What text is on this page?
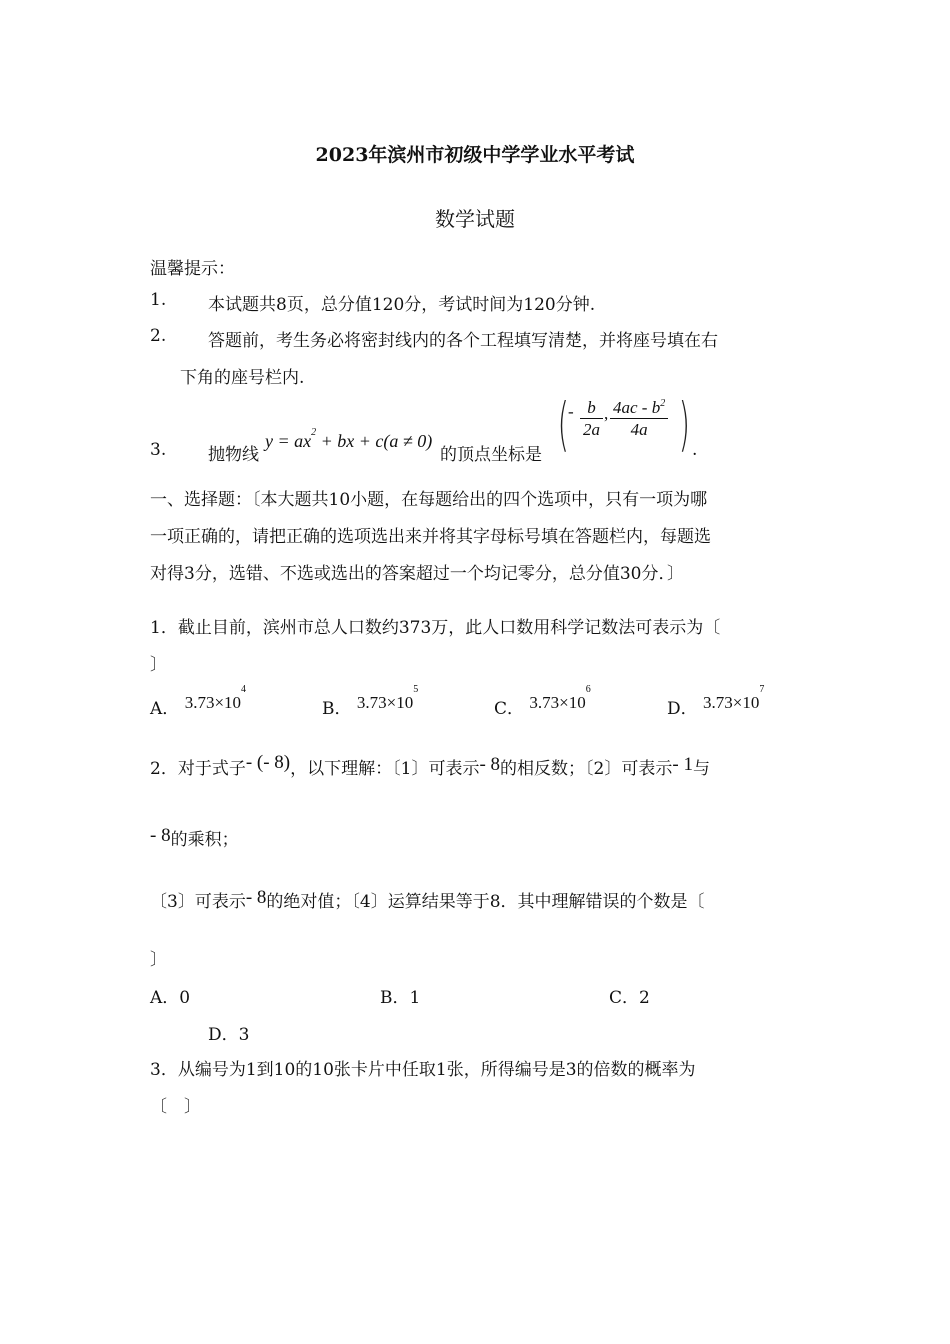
2023年滨州市初级中学学业水平考试
数学试题
温馨提示：
1. 本试题共8页，总分值120分，考试时间为120分钟.
2. 答题前，考生务必将密封线内的各个工程填写清楚，并将座号填在右
下角的座号栏内.
3. 抛物线
$y = ax^2$ + bx + c(a ≠ 0)
的顶点坐标是 ( - $\frac{b}{2a}$ , $\frac{4ac - b^2}{4a}$ ) .
一、选择题：〔本大题共10小题，在每题给出的四个选项中，只有一项为哪
一项正确的，请把正确的选项选出来并将其字母标号填在答题栏内，每题选
对得3分，选错、不选或选出的答案超过一个均记零分，总分值30分．〕
1．截止目前，滨州市总人口数约373万，此人口数用科学记数法可表示为〔
〕
A． $3.73\times 10^4$
B． $3.73\times 10^5$
C． $3.73\times 10^6$
D． $3.73\times 10^7$
2．对于式子- (- 8)，以下理解：〔1〕可表示- 8的相反数；〔2〕可表示- 1与
- 8的乘积；
〔3〕可表示- 8的绝对值；〔4〕运算结果等于8．其中理解错误的个数是〔
〕
A．0	B．1	C．2
D．3
3．从编号为1到10的10张卡片中任取1张，所得编号是3的倍数的概率为
〔　〕
